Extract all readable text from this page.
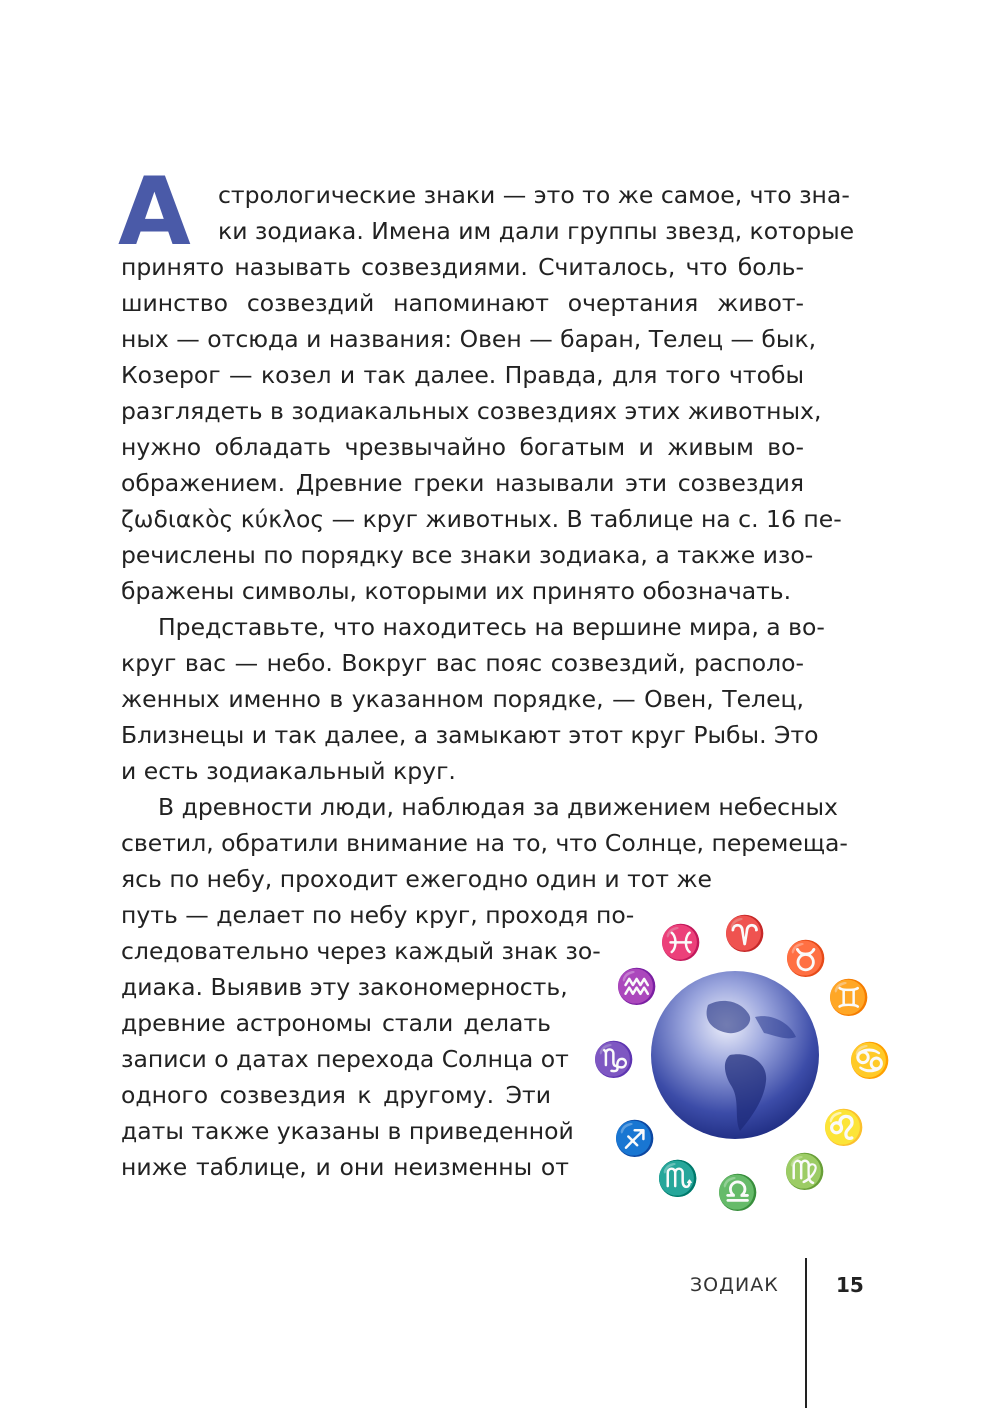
А стрологические знаки — это то же самое, что зна-
ки зодиака. Имена им дали группы звезд, которые
принято называть созвездиями. Считалось, что боль-
шинство созвездий напоминают очертания живот-
ных — отсюда и названия: Овен — баран, Телец — бык,
Козерог — козел и так далее. Правда, для того чтобы
разглядеть в зодиакальных созвездиях этих животных,
нужно обладать чрезвычайно богатым и живым во-
ображением. Древние греки называли эти созвездия
ζωδιακὸς κύκλος — круг животных. В таблице на с. 16 пе-
речислены по порядку все знаки зодиака, а также изо-
бражены символы, которыми их принято обозначать.
Представьте, что находитесь на вершине мира, а во-
круг вас — небо. Вокруг вас пояс созвездий, располо-
женных именно в указанном порядке, — Овен, Телец,
Близнецы и так далее, а замыкают этот круг Рыбы. Это
и есть зодиакальный круг.
В древности люди, наблюдая за движением небесных
светил, обратили внимание на то, что Солнце, перемеща-
ясь по небу, проходит ежегодно один и тот же
путь — делает по небу круг, проходя по-
следовательно через каждый знак зо-
диака. Выявив эту закономерность,
древние астрономы стали делать
записи о датах перехода Солнца от
одного созвездия к другому. Эти
даты также указаны в приведенной
ниже таблице, и они неизменны от
♓ ♈
♉
♊
♋
♌
♍
♎
♏
♐
♑
♒
ЗОДИАК	15
